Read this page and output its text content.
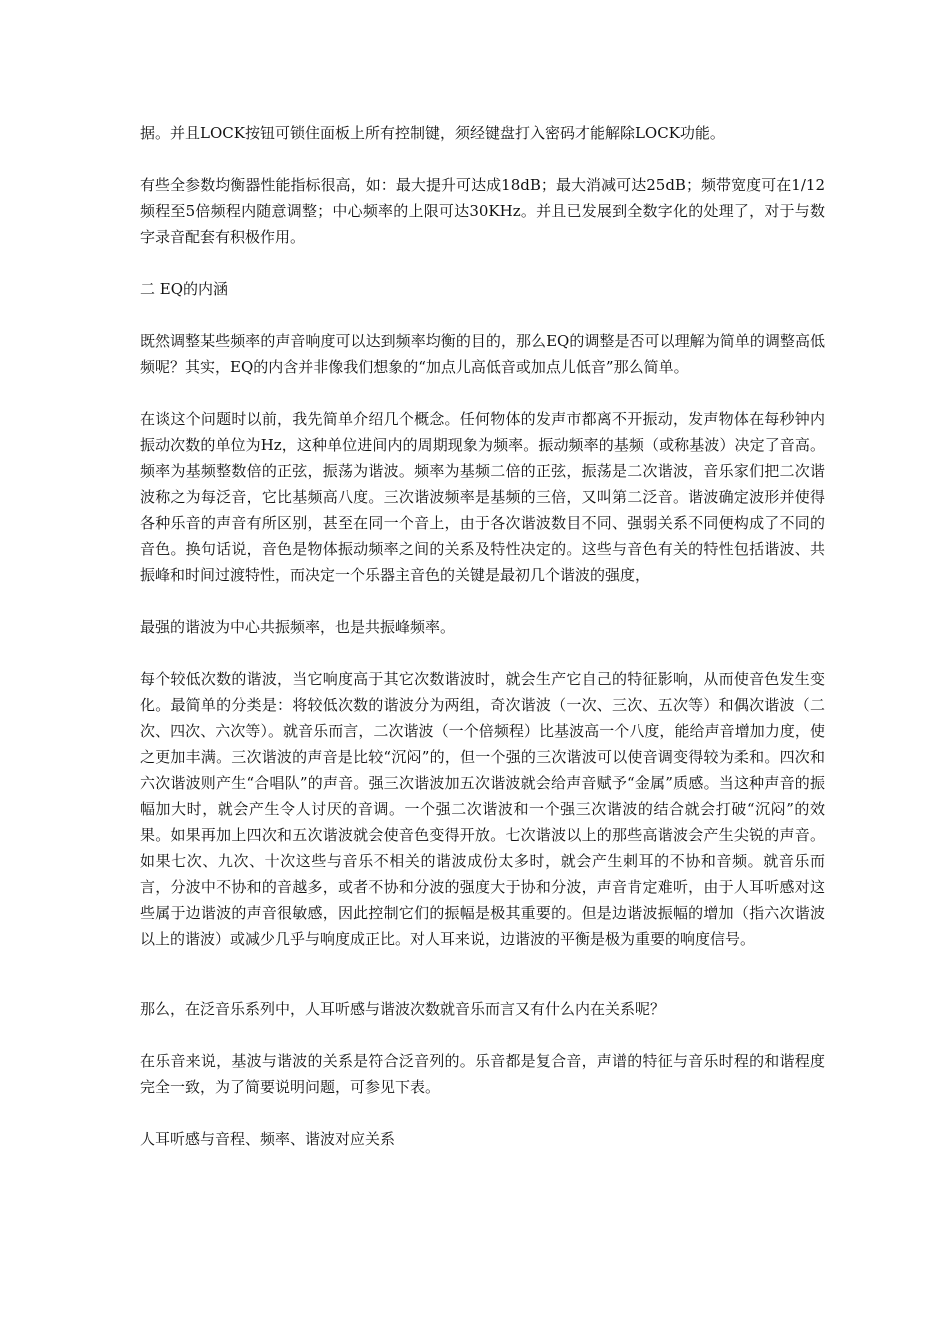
据。并且LOCK按钮可锁住面板上所有控制键，须经键盘打入密码才能解除LOCK功能。

有些全参数均衡器性能指标很高，如：最大提升可达成18dB；最大消减可达25dB；频带宽度可在1/12频程至5倍频程内随意调整；中心频率的上限可达30KHz。并且已发展到全数字化的处理了，对于与数字录音配套有积极作用。

二 EQ的内涵

既然调整某些频率的声音响度可以达到频率均衡的目的，那么EQ的调整是否可以理解为简单的调整高低频呢？其实，EQ的内含并非像我们想象的“加点儿高低音或加点儿低音”那么简单。

在谈这个问题时以前，我先简单介绍几个概念。任何物体的发声市都离不开振动，发声物体在每秒钟内振动次数的单位为Hz，这种单位进间内的周期现象为频率。振动频率的基频（或称基波）决定了音高。频率为基频整数倍的正弦，振荡为谐波。频率为基频二倍的正弦，振荡是二次谐波，音乐家们把二次谐波称之为每泛音，它比基频高八度。三次谐波频率是基频的三倍，又叫第二泛音。谐波确定波形并使得各种乐音的声音有所区别，甚至在同一个音上，由于各次谐波数目不同、强弱关系不同便构成了不同的音色。换句话说，音色是物体振动频率之间的关系及特性决定的。这些与音色有关的特性包括谐波、共振峰和时间过渡特性，而决定一个乐器主音色的关键是最初几个谐波的强度，

最强的谐波为中心共振频率，也是共振峰频率。

每个较低次数的谐波，当它响度高于其它次数谐波时，就会生产它自己的特征影响，从而使音色发生变化。最简单的分类是：将较低次数的谐波分为两组，奇次谐波（一次、三次、五次等）和偶次谐波（二次、四次、六次等）。就音乐而言，二次谐波（一个倍频程）比基波高一个八度，能给声音增加力度，使之更加丰满。三次谐波的声音是比较“沉闷”的，但一个强的三次谐波可以使音调变得较为柔和。四次和六次谐波则产生“合唱队”的声音。强三次谐波加五次谐波就会给声音赋予“金属”质感。当这种声音的振幅加大时，就会产生令人讨厌的音调。一个强二次谐波和一个强三次谐波的结合就会打破“沉闷”的效果。如果再加上四次和五次谐波就会使音色变得开放。七次谐波以上的那些高谐波会产生尖锐的声音。如果七次、九次、十次这些与音乐不相关的谐波成份太多时，就会产生刺耳的不协和音频。就音乐而言，分波中不协和的音越多，或者不协和分波的强度大于协和分波，声音肯定难听，由于人耳听感对这些属于边谐波的声音很敏感，因此控制它们的振幅是极其重要的。但是边谐波振幅的增加（指六次谐波以上的谐波）或减少几乎与响度成正比。对人耳来说，边谐波的平衡是极为重要的响度信号。

那么，在泛音乐系列中，人耳听感与谐波次数就音乐而言又有什么内在关系呢？

在乐音来说，基波与谐波的关系是符合泛音列的。乐音都是复合音，声谱的特征与音乐时程的和谐程度完全一致，为了简要说明问题，可参见下表。

人耳听感与音程、频率、谐波对应关系
